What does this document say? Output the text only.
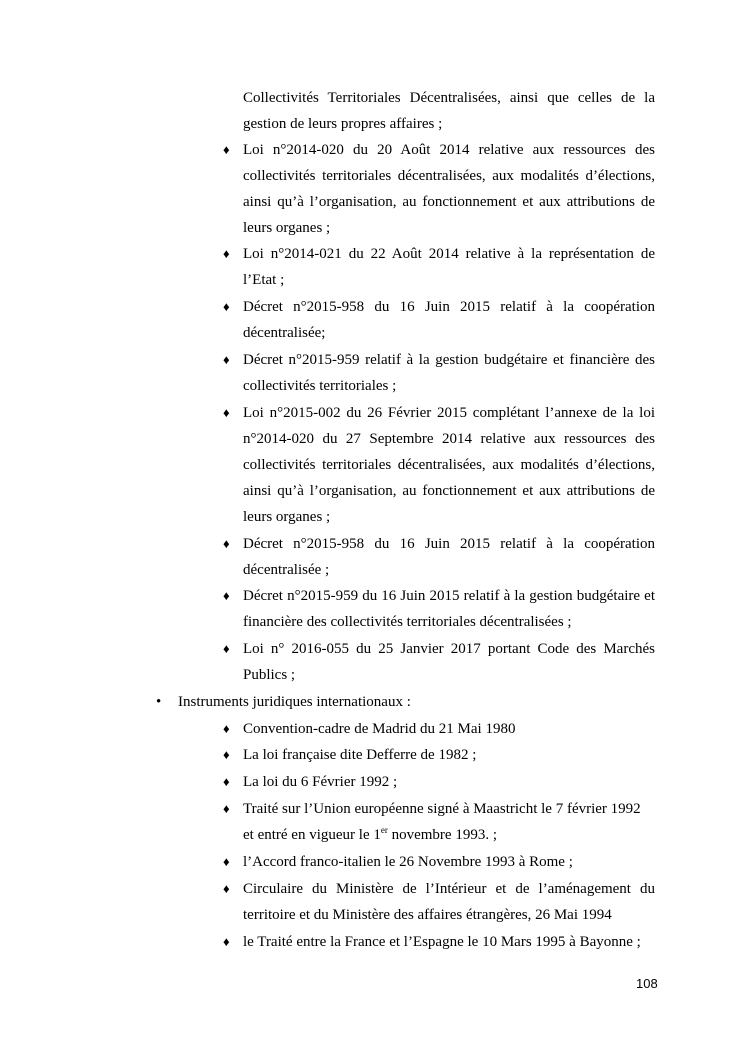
Collectivités Territoriales Décentralisées, ainsi que celles de la gestion de leurs propres affaires ;
♦ Loi n°2014-020 du 20 Août 2014 relative aux ressources des collectivités territoriales décentralisées, aux modalités d’élections, ainsi qu’à l’organisation, au fonctionnement et aux attributions de leurs organes ;
♦ Loi n°2014-021 du 22 Août 2014 relative à la représentation de l’Etat ;
♦ Décret n°2015-958 du 16 Juin 2015 relatif à la coopération décentralisée;
♦ Décret n°2015-959 relatif à la gestion budgétaire et financière des collectivités territoriales ;
♦ Loi n°2015-002 du 26 Février 2015 complétant l’annexe de la loi n°2014-020 du 27 Septembre 2014 relative aux ressources des collectivités territoriales décentralisées, aux modalités d’élections, ainsi qu’à l’organisation, au fonctionnement et aux attributions de leurs organes ;
♦ Décret n°2015-958 du 16 Juin 2015 relatif à la coopération décentralisée ;
♦ Décret n°2015-959 du 16 Juin 2015 relatif à la gestion budgétaire et financière des collectivités territoriales décentralisées ;
♦ Loi n° 2016-055 du 25 Janvier 2017 portant Code des Marchés Publics ;
• Instruments juridiques internationaux :
♦ Convention-cadre de Madrid du 21 Mai 1980
♦ La loi française dite Defferre de 1982 ;
♦ La loi du 6 Février 1992 ;
♦ Traité sur l’Union européenne signé à Maastricht le 7 février 1992
et entré en vigueur le 1er novembre 1993. ;
♦ l’Accord franco-italien le 26 Novembre 1993 à Rome ;
♦ Circulaire du Ministère de l’Intérieur et de l’aménagement du territoire et du Ministère des affaires étrangères, 26 Mai 1994
♦ le Traité entre la France et l’Espagne le 10 Mars 1995 à Bayonne ;
108
